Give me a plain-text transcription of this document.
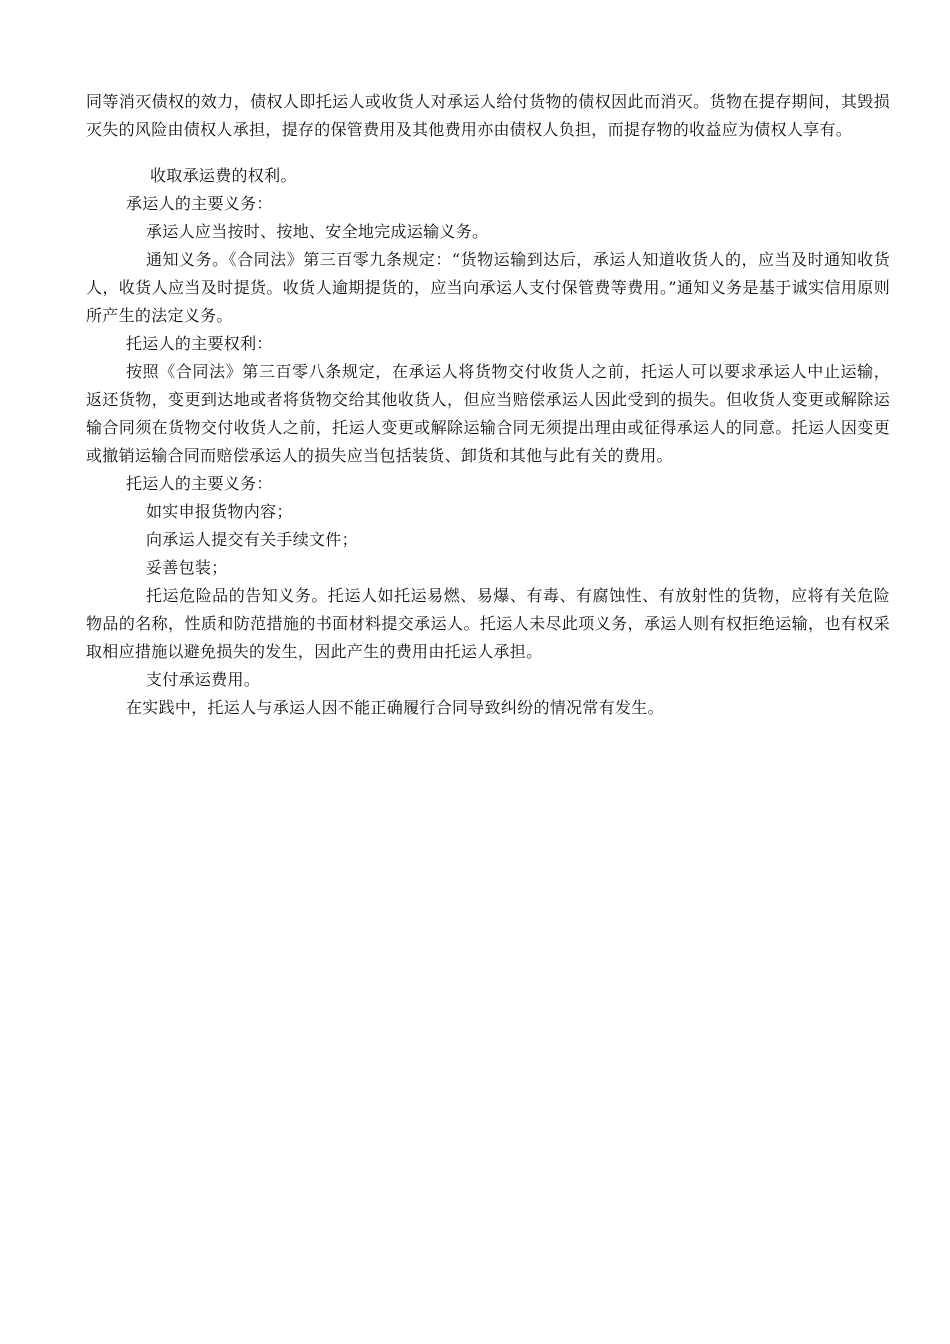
同等消灭债权的效力，债权人即托运人或收货人对承运人给付货物的债权因此而消灭。货物在提存期间，其毁损灭失的风险由债权人承担，提存的保管费用及其他费用亦由债权人负担，而提存物的收益应为债权人享有。

收取承运费的权利。

承运人的主要义务：

承运人应当按时、按地、安全地完成运输义务。

通知义务。《合同法》第三百零九条规定：“货物运输到达后，承运人知道收货人的，应当及时通知收货人，收货人应当及时提货。收货人逾期提货的，应当向承运人支付保管费等费用。”通知义务是基于诚实信用原则所产生的法定义务。

托运人的主要权利：

按照《合同法》第三百零八条规定，在承运人将货物交付收货人之前，托运人可以要求承运人中止运输，返还货物，变更到达地或者将货物交给其他收货人，但应当赔偿承运人因此受到的损失。但收货人变更或解除运输合同须在货物交付收货人之前，托运人变更或解除运输合同无须提出理由或征得承运人的同意。托运人因变更或撤销运输合同而赔偿承运人的损失应当包括装货、卸货和其他与此有关的费用。

托运人的主要义务：

如实申报货物内容；

向承运人提交有关手续文件；

妥善包装；

托运危险品的告知义务。托运人如托运易燃、易爆、有毒、有腐蚀性、有放射性的货物，应将有关危险物品的名称，性质和防范措施的书面材料提交承运人。托运人未尽此项义务，承运人则有权拒绝运输，也有权采取相应措施以避免损失的发生，因此产生的费用由托运人承担。

支付承运费用。

在实践中，托运人与承运人因不能正确履行合同导致纠纷的情况常有发生。
